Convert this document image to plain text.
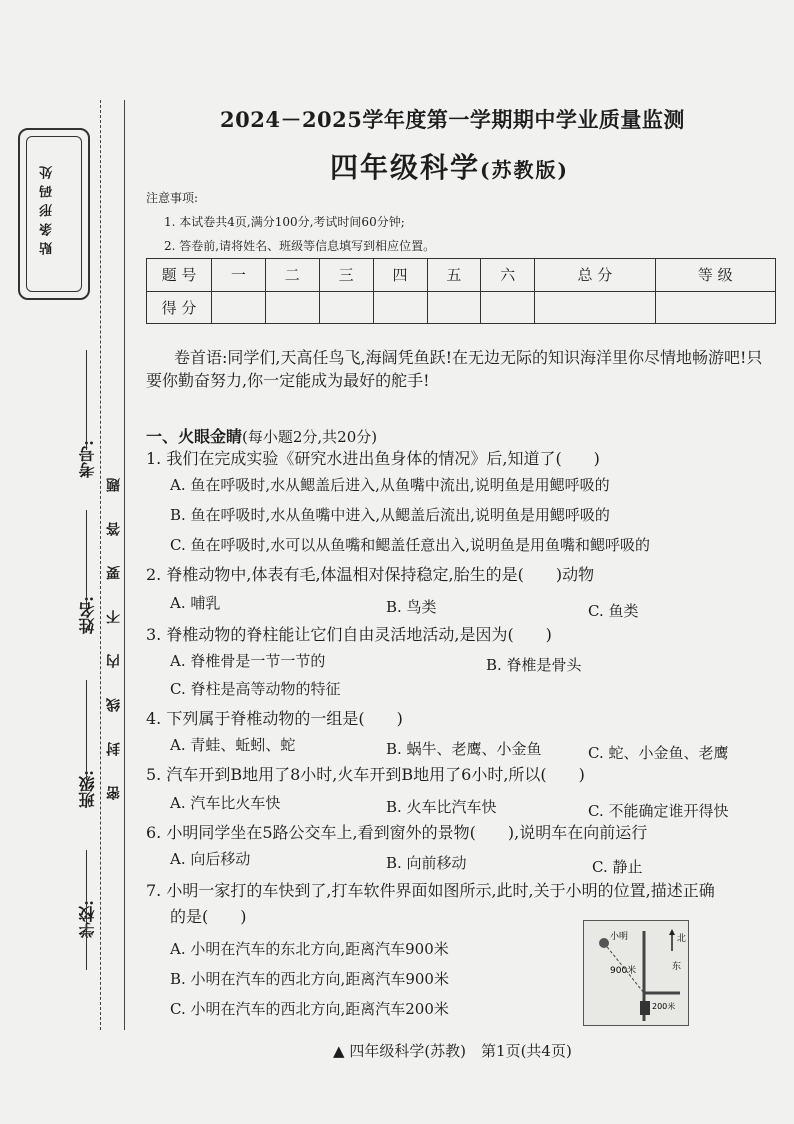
贴条形码处
学校:
班级:
姓名:
考号: 密封线内不要答题
2024－2025学年度第一学期期中学业质量监测
四年级科学(苏教版)
注意事项:
1. 本试卷共4页,满分100分,考试时间60分钟;
2. 答卷前,请将姓名、班级等信息填写到相应位置。
题 号	一	二	三	四	五	六	总 分	等 级
得 分								
卷首语:同学们,天高任鸟飞,海阔凭鱼跃!在无边无际的知识海洋里你尽情地畅游吧!只要你勤奋努力,你一定能成为最好的舵手!
一、火眼金睛(每小题2分,共20分)
1. 我们在完成实验《研究水进出鱼身体的情况》后,知道了(　　)
A. 鱼在呼吸时,水从鳃盖后进入,从鱼嘴中流出,说明鱼是用鳃呼吸的
B. 鱼在呼吸时,水从鱼嘴中进入,从鳃盖后流出,说明鱼是用鳃呼吸的
C. 鱼在呼吸时,水可以从鱼嘴和鳃盖任意出入,说明鱼是用鱼嘴和鳃呼吸的
2. 脊椎动物中,体表有毛,体温相对保持稳定,胎生的是(　　)动物
A. 哺乳	B. 鸟类	C. 鱼类
3. 脊椎动物的脊柱能让它们自由灵活地活动,是因为(　　)
A. 脊椎骨是一节一节的	B. 脊椎是骨头
C. 脊柱是高等动物的特征
4. 下列属于脊椎动物的一组是(　　)
A. 青蛙、蚯蚓、蛇	B. 蜗牛、老鹰、小金鱼	C. 蛇、小金鱼、老鹰
5. 汽车开到B地用了8小时,火车开到B地用了6小时,所以(　　)
A. 汽车比火车快	B. 火车比汽车快	C. 不能确定谁开得快
6. 小明同学坐在5路公交车上,看到窗外的景物(　　),说明车在向前运行
A. 向后移动	B. 向前移动	C. 静止
7. 小明一家打的车快到了,打车软件界面如图所示,此时,关于小明的位置,描述正确
的是(　　)
A. 小明在汽车的东北方向,距离汽车900米
B. 小明在汽车的西北方向,距离汽车900米
C. 小明在汽车的西北方向,距离汽车200米
小明	北
东
900米
200米
▲ 四年级科学(苏教)　第1页(共4页)
